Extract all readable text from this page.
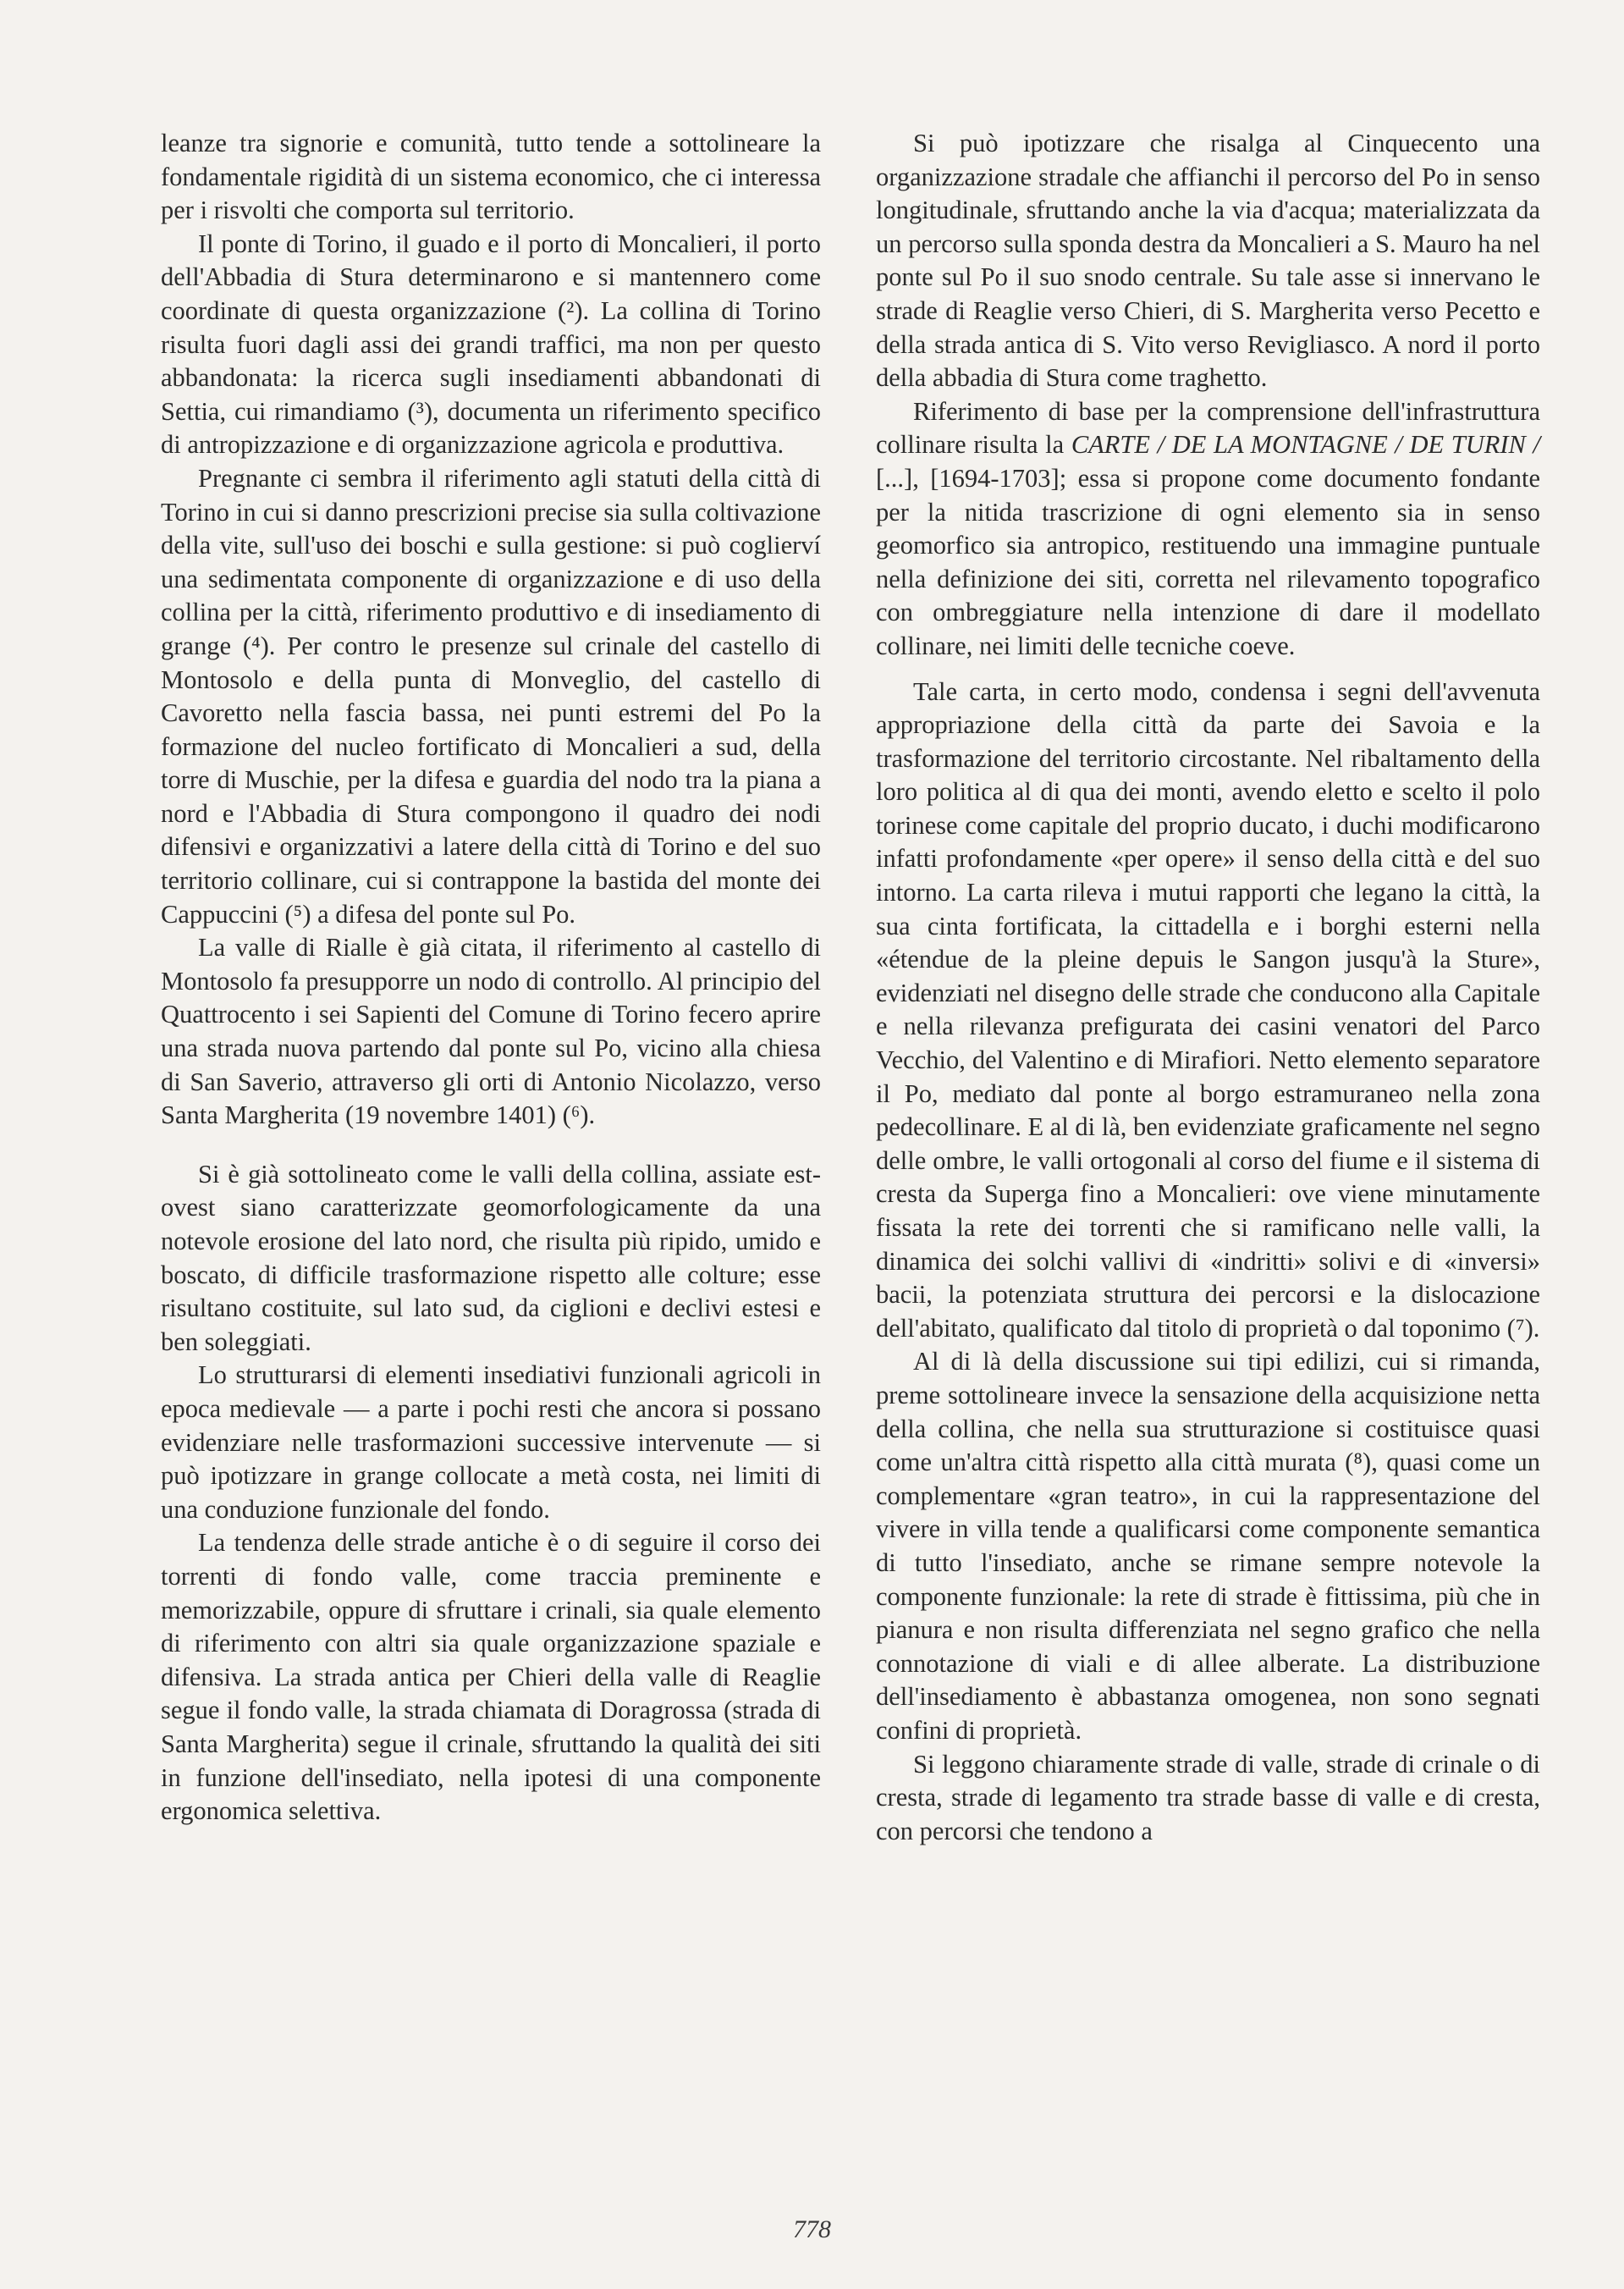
leanze tra signorie e comunità, tutto tende a sottolineare la fondamentale rigidità di un sistema economico, che ci interessa per i risvolti che comporta sul territorio.

Il ponte di Torino, il guado e il porto di Moncalieri, il porto dell'Abbadia di Stura determinarono e si mantennero come coordinate di questa organizzazione (²). La collina di Torino risulta fuori dagli assi dei grandi traffici, ma non per questo abbandonata: la ricerca sugli insediamenti abbandonati di Settia, cui rimandiamo (³), documenta un riferimento specifico di antropizzazione e di organizzazione agricola e produttiva.

Pregnante ci sembra il riferimento agli statuti della città di Torino in cui si danno prescrizioni precise sia sulla coltivazione della vite, sull'uso dei boschi e sulla gestione: si può coglierví una sedimentata componente di organizzazione e di uso della collina per la città, riferimento produttivo e di insediamento di grange (⁴). Per contro le presenze sul crinale del castello di Montosolo e della punta di Monveglio, del castello di Cavoretto nella fascia bassa, nei punti estremi del Po la formazione del nucleo fortificato di Moncalieri a sud, della torre di Muschie, per la difesa e guardia del nodo tra la piana a nord e l'Abbadia di Stura compongono il quadro dei nodi difensivi e organizzativi a latere della città di Torino e del suo territorio collinare, cui si contrappone la bastida del monte dei Cappuccini (⁵) a difesa del ponte sul Po.

La valle di Rialle è già citata, il riferimento al castello di Montosolo fa presupporre un nodo di controllo. Al principio del Quattrocento i sei Sapienti del Comune di Torino fecero aprire una strada nuova partendo dal ponte sul Po, vicino alla chiesa di San Saverio, attraverso gli orti di Antonio Nicolazzo, verso Santa Margherita (19 novembre 1401) (⁶).

Si è già sottolineato come le valli della collina, assiate est-ovest siano caratterizzate geomorfologicamente da una notevole erosione del lato nord, che risulta più ripido, umido e boscato, di difficile trasformazione rispetto alle colture; esse risultano costituite, sul lato sud, da ciglioni e declivi estesi e ben soleggiati.

Lo strutturarsi di elementi insediativi funzionali agricoli in epoca medievale — a parte i pochi resti che ancora si possano evidenziare nelle trasformazioni successive intervenute — si può ipotizzare in grange collocate a metà costa, nei limiti di una conduzione funzionale del fondo.

La tendenza delle strade antiche è o di seguire il corso dei torrenti di fondo valle, come traccia preminente e memorizzabile, oppure di sfruttare i crinali, sia quale elemento di riferimento con altri sia quale organizzazione spaziale e difensiva. La strada antica per Chieri della valle di Reaglie segue il fondo valle, la strada chiamata di Doragrossa (strada di Santa Margherita) segue il crinale, sfruttando la qualità dei siti in funzione dell'insediato, nella ipotesi di una componente ergonomica selettiva.

Si può ipotizzare che risalga al Cinquecento una organizzazione stradale che affianchi il percorso del Po in senso longitudinale, sfruttando anche la via d'acqua; materializzata da un percorso sulla sponda destra da Moncalieri a S. Mauro ha nel ponte sul Po il suo snodo centrale. Su tale asse si innervano le strade di Reaglie verso Chieri, di S. Margherita verso Pecetto e della strada antica di S. Vito verso Revigliasco. A nord il porto della abbadia di Stura come traghetto.

Riferimento di base per la comprensione dell'infrastruttura collinare risulta la CARTE / DE LA MONTAGNE / DE TURIN / [...], [1694-1703]; essa si propone come documento fondante per la nitida trascrizione di ogni elemento sia in senso geomorfico sia antropico, restituendo una immagine puntuale nella definizione dei siti, corretta nel rilevamento topografico con ombreggiature nella intenzione di dare il modellato collinare, nei limiti delle tecniche coeve.

Tale carta, in certo modo, condensa i segni dell'avvenuta appropriazione della città da parte dei Savoia e la trasformazione del territorio circostante. Nel ribaltamento della loro politica al di qua dei monti, avendo eletto e scelto il polo torinese come capitale del proprio ducato, i duchi modificarono infatti profondamente «per opere» il senso della città e del suo intorno. La carta rileva i mutui rapporti che legano la città, la sua cinta fortificata, la cittadella e i borghi esterni nella «étendue de la pleine depuis le Sangon jusqu'à la Sture», evidenziati nel disegno delle strade che conducono alla Capitale e nella rilevanza prefigurata dei casini venatori del Parco Vecchio, del Valentino e di Mirafiori. Netto elemento separatore il Po, mediato dal ponte al borgo estramuraneo nella zona pedecollinare. E al di là, ben evidenziate graficamente nel segno delle ombre, le valli ortogonali al corso del fiume e il sistema di cresta da Superga fino a Moncalieri: ove viene minutamente fissata la rete dei torrenti che si ramificano nelle valli, la dinamica dei solchi vallivi di «indritti» solivi e di «inversi» bacii, la potenziata struttura dei percorsi e la dislocazione dell'abitato, qualificato dal titolo di proprietà o dal toponimo (⁷).

Al di là della discussione sui tipi edilizi, cui si rimanda, preme sottolineare invece la sensazione della acquisizione netta della collina, che nella sua strutturazione si costituisce quasi come un'altra città rispetto alla città murata (⁸), quasi come un complementare «gran teatro», in cui la rappresentazione del vivere in villa tende a qualificarsi come componente semantica di tutto l'insediato, anche se rimane sempre notevole la componente funzionale: la rete di strade è fittissima, più che in pianura e non risulta differenziata nel segno grafico che nella connotazione di viali e di allee alberate. La distribuzione dell'insediamento è abbastanza omogenea, non sono segnati confini di proprietà.

Si leggono chiaramente strade di valle, strade di crinale o di cresta, strade di legamento tra strade basse di valle e di cresta, con percorsi che tendono a

778
